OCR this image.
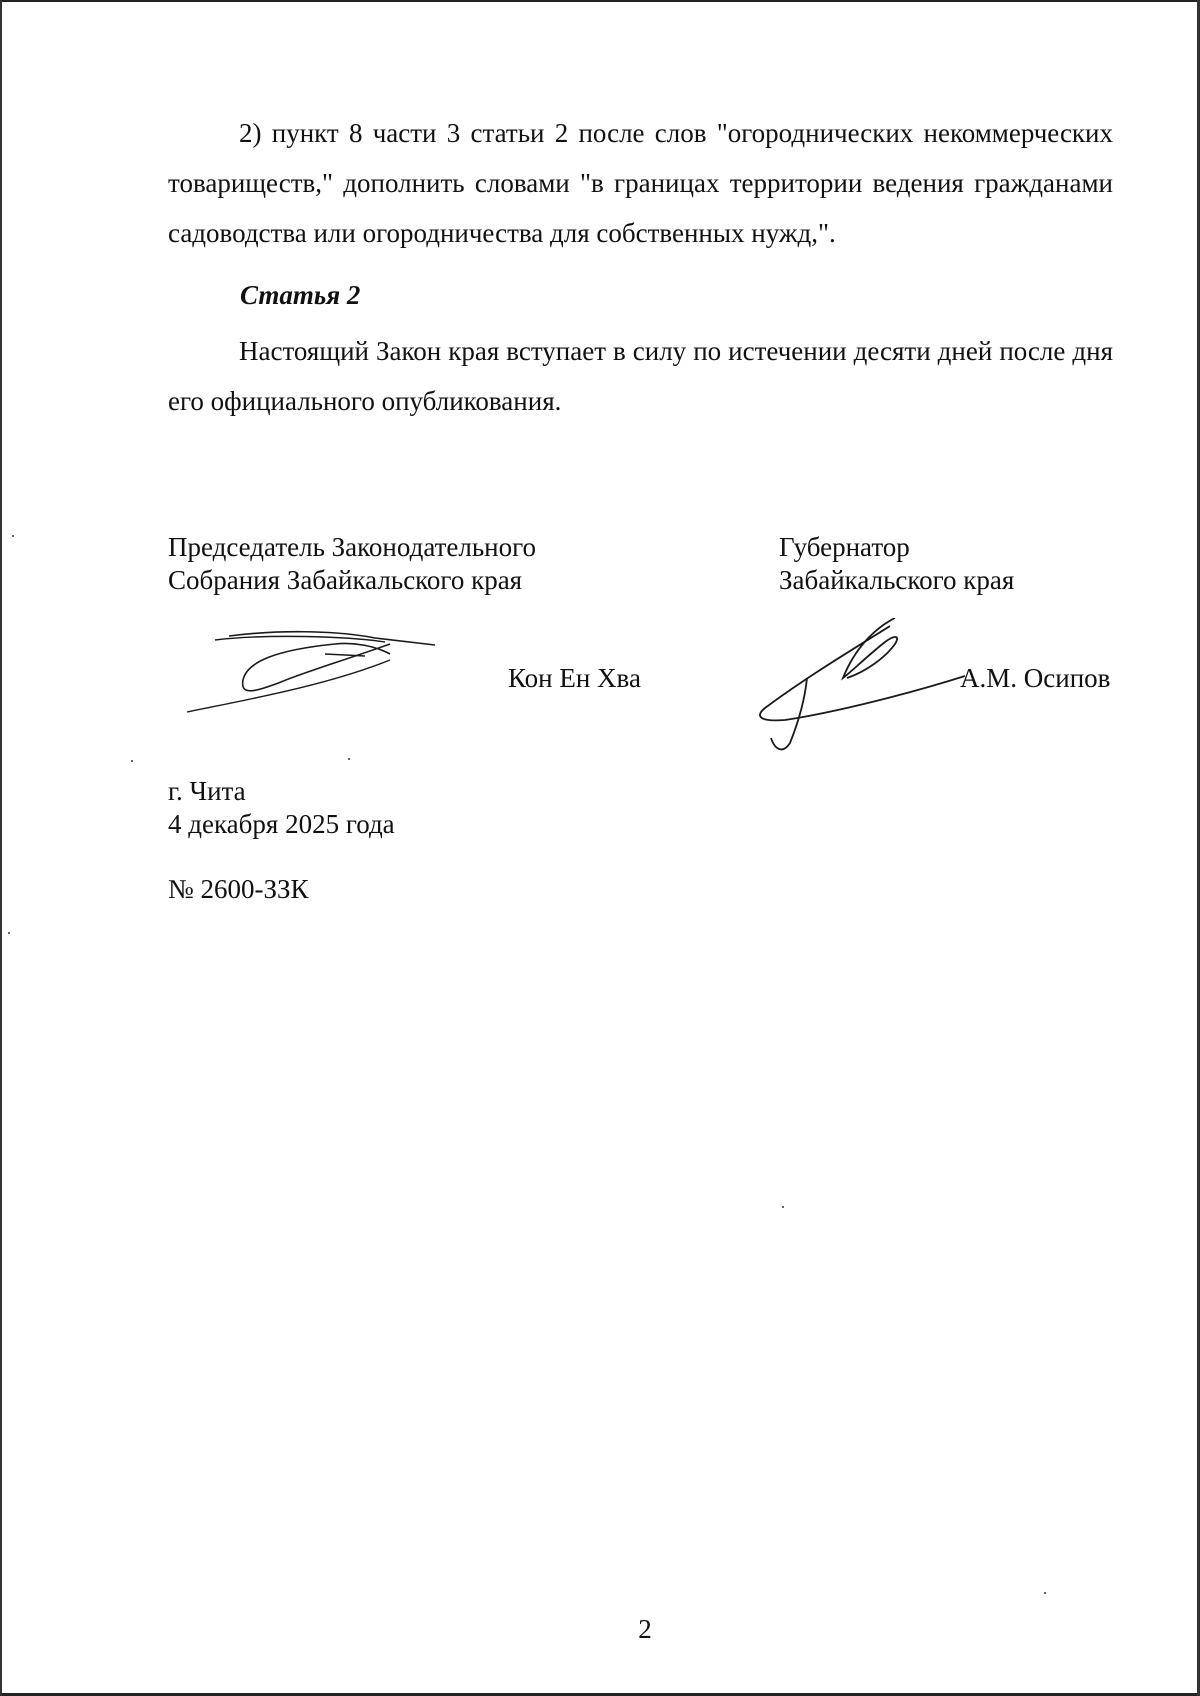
2) пункт 8 части 3 статьи 2 после слов "огороднических некоммерческих товариществ," дополнить словами "в границах территории ведения гражданами садоводства или огородничества для собственных нужд,".

Статья 2

Настоящий Закон края вступает в силу по истечении десяти дней после дня его официального опубликования.

Председатель Законодательного
Собрания Забайкальского края
Губернатор
Забайкальского края
Кон Ен Хва	А.М. Осипов
г. Чита
4 декабря 2025 года
№ 2600-ЗЗК
2
